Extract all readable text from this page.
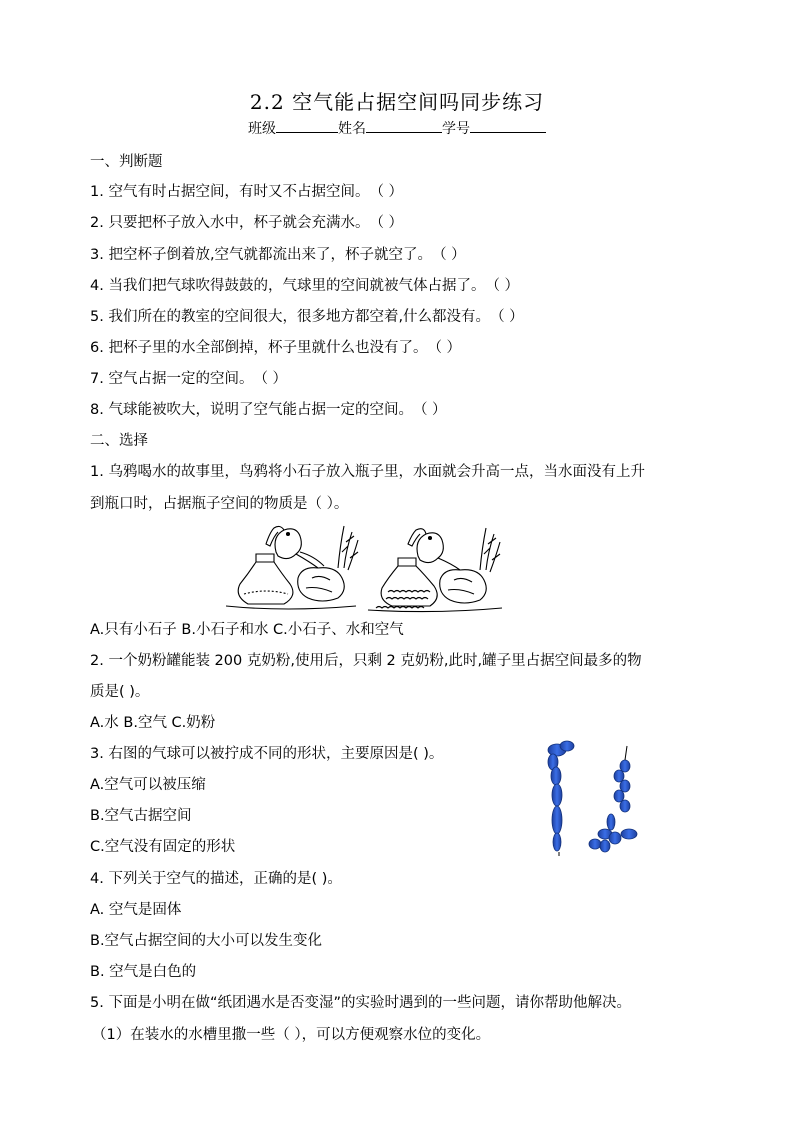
2.2 空气能占据空间吗同步练习
班级	姓名	学号
一、判断题
1. 空气有时占据空间，有时又不占据空间。（ ）
2. 只要把杯子放入水中，杯子就会充满水。（ ）
3. 把空杯子倒着放,空气就都流出来了，杯子就空了。（ ）
4. 当我们把气球吹得鼓鼓的，气球里的空间就被气体占据了。（ ）
5. 我们所在的教室的空间很大，很多地方都空着,什么都没有。（ ）
6. 把杯子里的水全部倒掉，杯子里就什么也没有了。（ ）
7. 空气占据一定的空间。（ ）
8. 气球能被吹大，说明了空气能占据一定的空间。（ ）
二、选择
1. 乌鸦喝水的故事里，鸟鸦将小石子放入瓶子里，水面就会升高一点，当水面没有上升
到瓶口时，占据瓶子空间的物质是（ ）。
A.只有小石子 B.小石子和水 C.小石子、水和空气
2. 一个奶粉罐能装 200 克奶粉,使用后，只剩 2 克奶粉,此时,罐子里占据空间最多的物
质是( )。
A.水 B.空气 C.奶粉
3. 右图的气球可以被拧成不同的形状，主要原因是( )。
A.空气可以被压缩
B.空气古据空间
C.空气没有固定的形状
4. 下列关于空气的描述，正确的是( )。
A. 空气是固体
B.空气占据空间的大小可以发生变化
B. 空气是白色的
5. 下面是小明在做“纸团遇水是否变湿”的实验时遇到的一些问题，请你帮助他解决。
（1）在装水的水槽里撒一些（ ），可以方便观察水位的变化。
